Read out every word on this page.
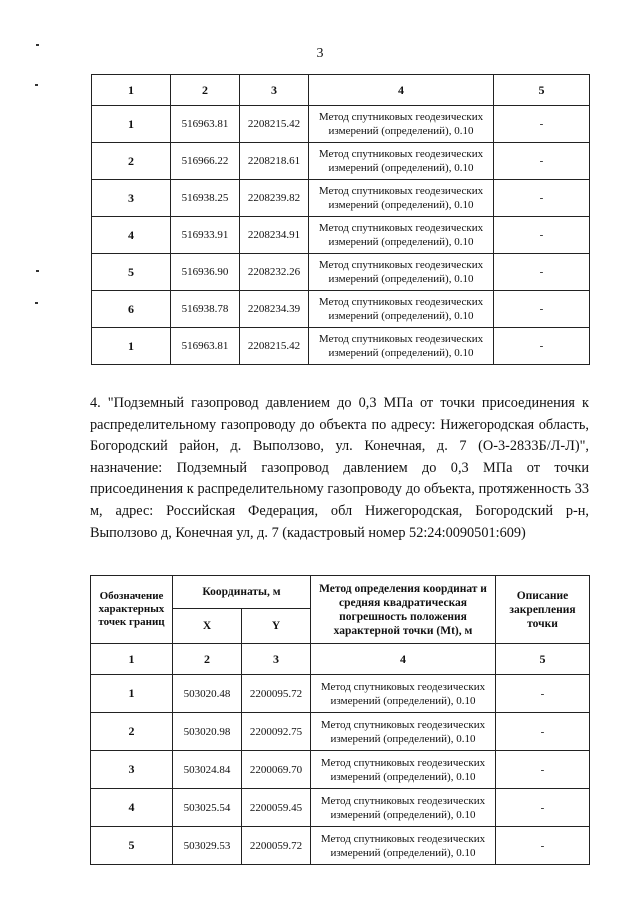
3
1	2	3	4	5
1	516963.81	2208215.42	Метод спутниковых геодезических измерений (определений), 0.10	-
2	516966.22	2208218.61	Метод спутниковых геодезических измерений (определений), 0.10	-
3	516938.25	2208239.82	Метод спутниковых геодезических измерений (определений), 0.10	-
4	516933.91	2208234.91	Метод спутниковых геодезических измерений (определений), 0.10	-
5	516936.90	2208232.26	Метод спутниковых геодезических измерений (определений), 0.10	-
6	516938.78	2208234.39	Метод спутниковых геодезических измерений (определений), 0.10	-
1	516963.81	2208215.42	Метод спутниковых геодезических измерений (определений), 0.10	-

4. "Подземный газопровод давлением до 0,3 МПа от точки присоединения к распределительному газопроводу до объекта по адресу: Нижегородская область, Богородский район, д. Выползово, ул. Конечная, д. 7 (О-3-2833Б/Л-Л)", назначение: Подземный газопровод давлением до 0,3 МПа от точки присоединения к распределительному газопроводу до объекта, протяженность 33 м, адрес: Российская Федерация, обл Нижегородская, Богородский р-н, Выползово д, Конечная ул, д. 7 (кадастровый номер 52:24:0090501:609)

Обозначение характерных точек границ	Координаты, м		Метод определения координат и средняя квадратическая погрешность положения характерной точки (Mt), м	Описание закрепления точки
	X	Y		
1	2	3	4	5
1	503020.48	2200095.72	Метод спутниковых геодезических измерений (определений), 0.10	-
2	503020.98	2200092.75	Метод спутниковых геодезических измерений (определений), 0.10	-
3	503024.84	2200069.70	Метод спутниковых геодезических измерений (определений), 0.10	-
4	503025.54	2200059.45	Метод спутниковых геодезических измерений (определений), 0.10	-
5	503029.53	2200059.72	Метод спутниковых геодезических измерений (определений), 0.10	-
